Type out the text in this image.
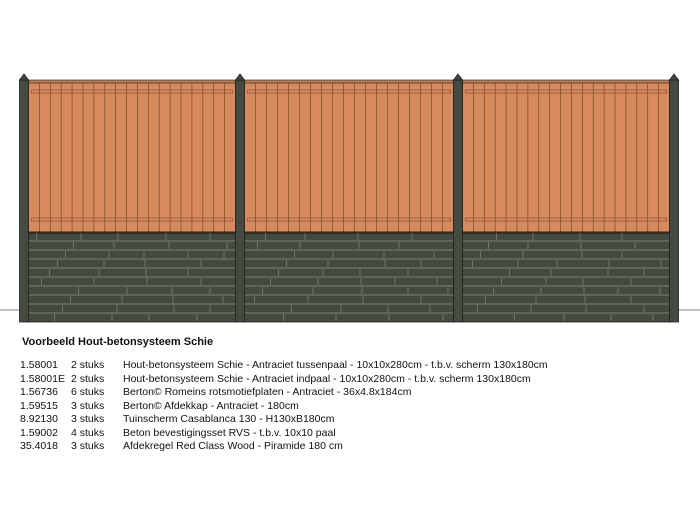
Voorbeeld Hout-betonsysteem Schie
1.58001	2 stuks	Hout-betonsysteem Schie - Antraciet tussenpaal - 10x10x280cm - t.b.v. scherm 130x180cm
1.58001E	2 stuks	Hout-betonsysteem Schie - Antraciet indpaal - 10x10x280cm - t.b.v. scherm 130x180cm
1.56736	6 stuks	Berton© Romeins rotsmotiefplaten - Antraciet - 36x4.8x184cm
1.59515	3 stuks	Berton© Afdekkap - Antraciet - 180cm
8.92130	3 stuks	Tuinscherm Casablanca 130 - H130xB180cm
1.59002	4 stuks	Beton bevestigingsset RVS - t.b.v. 10x10 paal
35.4018	3 stuks	Afdekregel Red Class Wood - Piramide 180 cm
